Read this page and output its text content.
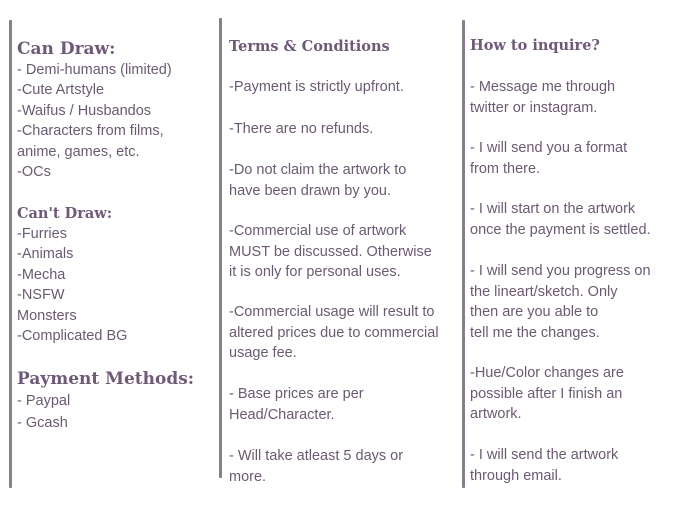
Can Draw:
- Demi-humans (limited)
-Cute Artstyle
-Waifus / Husbandos
-Characters from films,
anime, games, etc.
-OCs
Can't Draw:
-Furries
-Animals
-Mecha
-NSFW
Monsters
-Complicated BG
Payment Methods:
- Paypal
- Gcash
Terms & Conditions
-Payment is strictly upfront.
-There are no refunds.
-Do not claim the artwork to
have been drawn by you.
-Commercial use of artwork
MUST be discussed. Otherwise
it is only for personal uses.
-Commercial usage will result to
altered prices due to commercial
usage fee.
- Base prices are per
Head/Character.
- Will take atleast 5 days or
more.
How to inquire?
- Message me through
twitter or instagram.
- I will send you a format
from there.
- I will start on the artwork
once the payment is settled.
- I will send you progress on
the lineart/sketch. Only
then are you able to
tell me the changes.
-Hue/Color changes are
possible after I finish an
artwork.
- I will send the artwork
through email.
